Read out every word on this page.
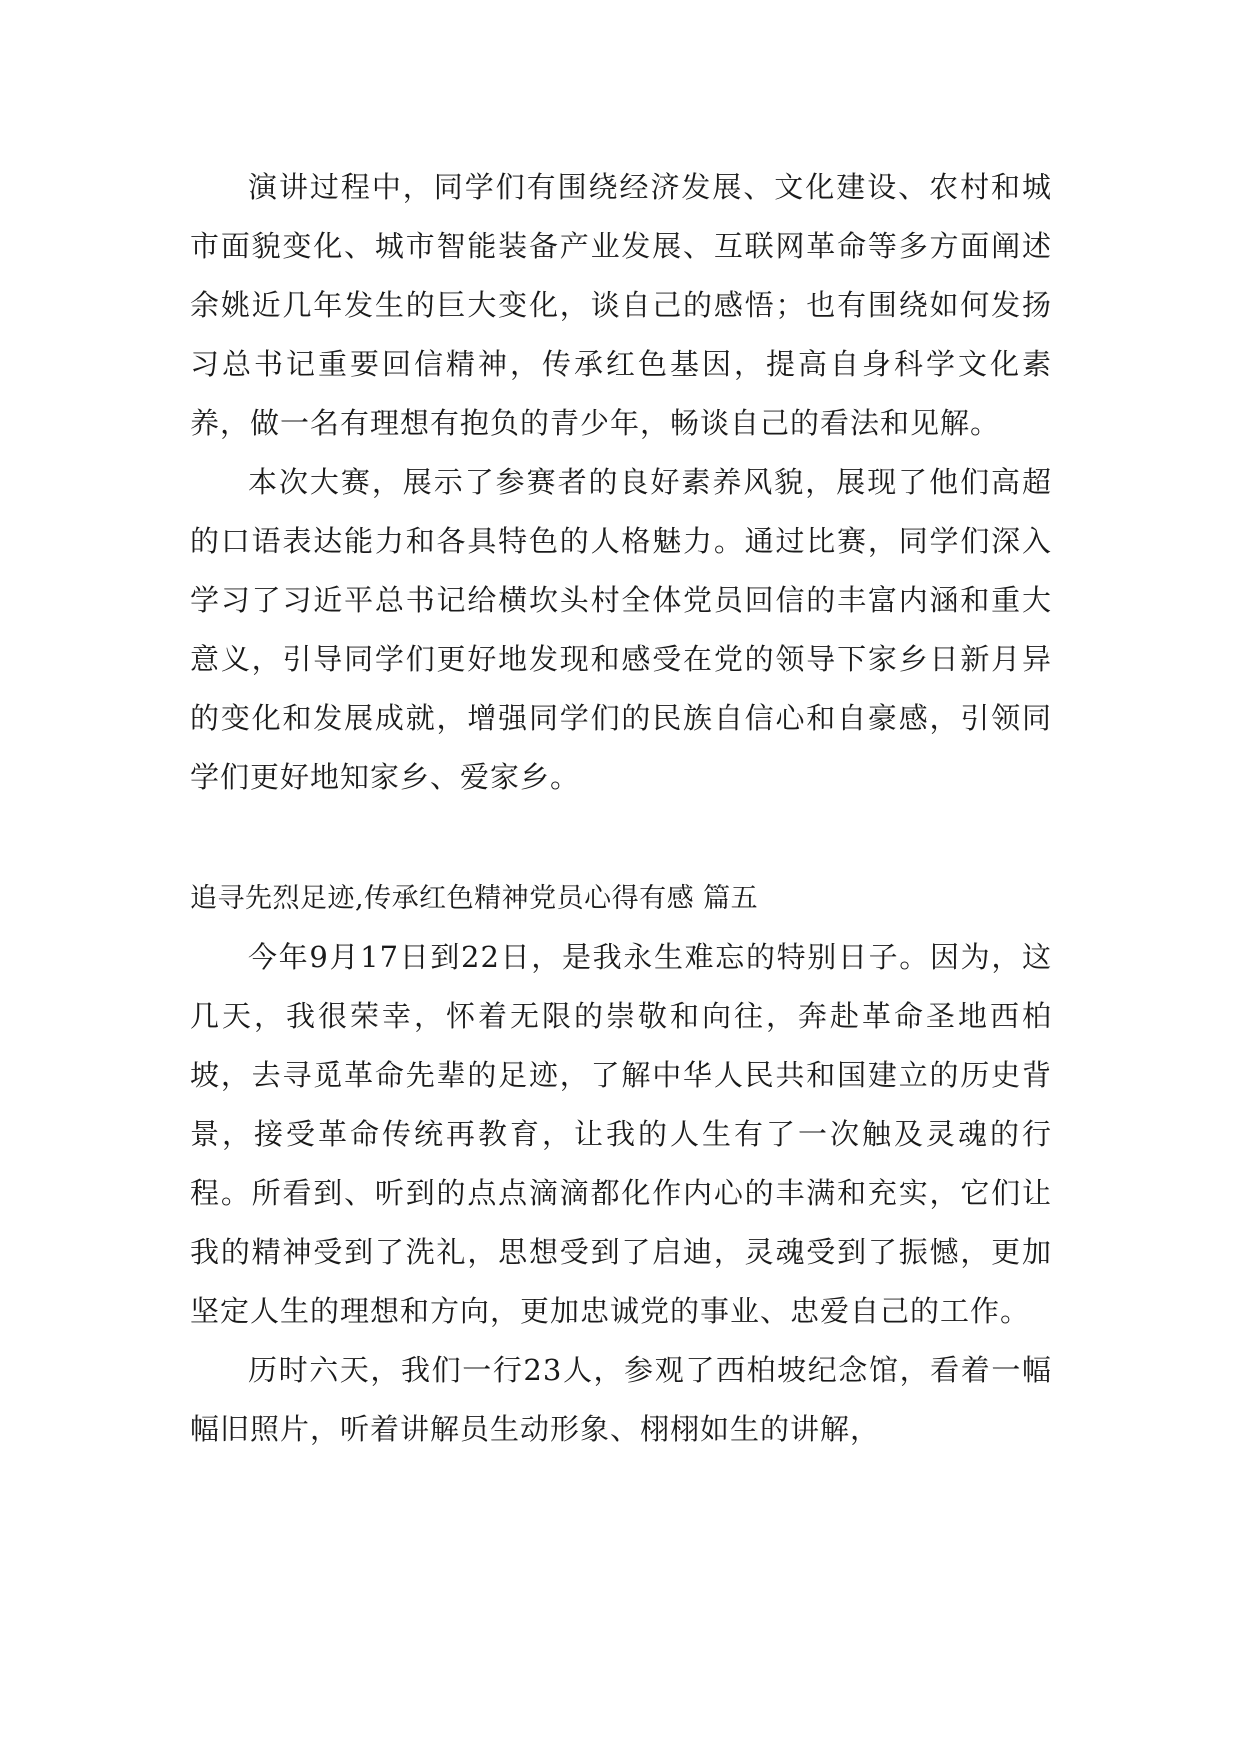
演讲过程中，同学们有围绕经济发展、文化建设、农村和城市面貌变化、城市智能装备产业发展、互联网革命等多方面阐述余姚近几年发生的巨大变化，谈自己的感悟；也有围绕如何发扬习总书记重要回信精神，传承红色基因，提高自身科学文化素养，做一名有理想有抱负的青少年，畅谈自己的看法和见解。

本次大赛，展示了参赛者的良好素养风貌，展现了他们高超的口语表达能力和各具特色的人格魅力。通过比赛，同学们深入学习了习近平总书记给横坎头村全体党员回信的丰富内涵和重大意义，引导同学们更好地发现和感受在党的领导下家乡日新月异的变化和发展成就，增强同学们的民族自信心和自豪感，引领同学们更好地知家乡、爱家乡。

追寻先烈足迹,传承红色精神党员心得有感 篇五

今年9月17日到22日，是我永生难忘的特别日子。因为，这几天，我很荣幸，怀着无限的崇敬和向往，奔赴革命圣地西柏坡，去寻觅革命先辈的足迹，了解中华人民共和国建立的历史背景，接受革命传统再教育，让我的人生有了一次触及灵魂的行程。所看到、听到的点点滴滴都化作内心的丰满和充实，它们让我的精神受到了洗礼，思想受到了启迪，灵魂受到了振憾，更加坚定人生的理想和方向，更加忠诚党的事业、忠爱自己的工作。

历时六天，我们一行23人，参观了西柏坡纪念馆，看着一幅幅旧照片，听着讲解员生动形象、栩栩如生的讲解，
